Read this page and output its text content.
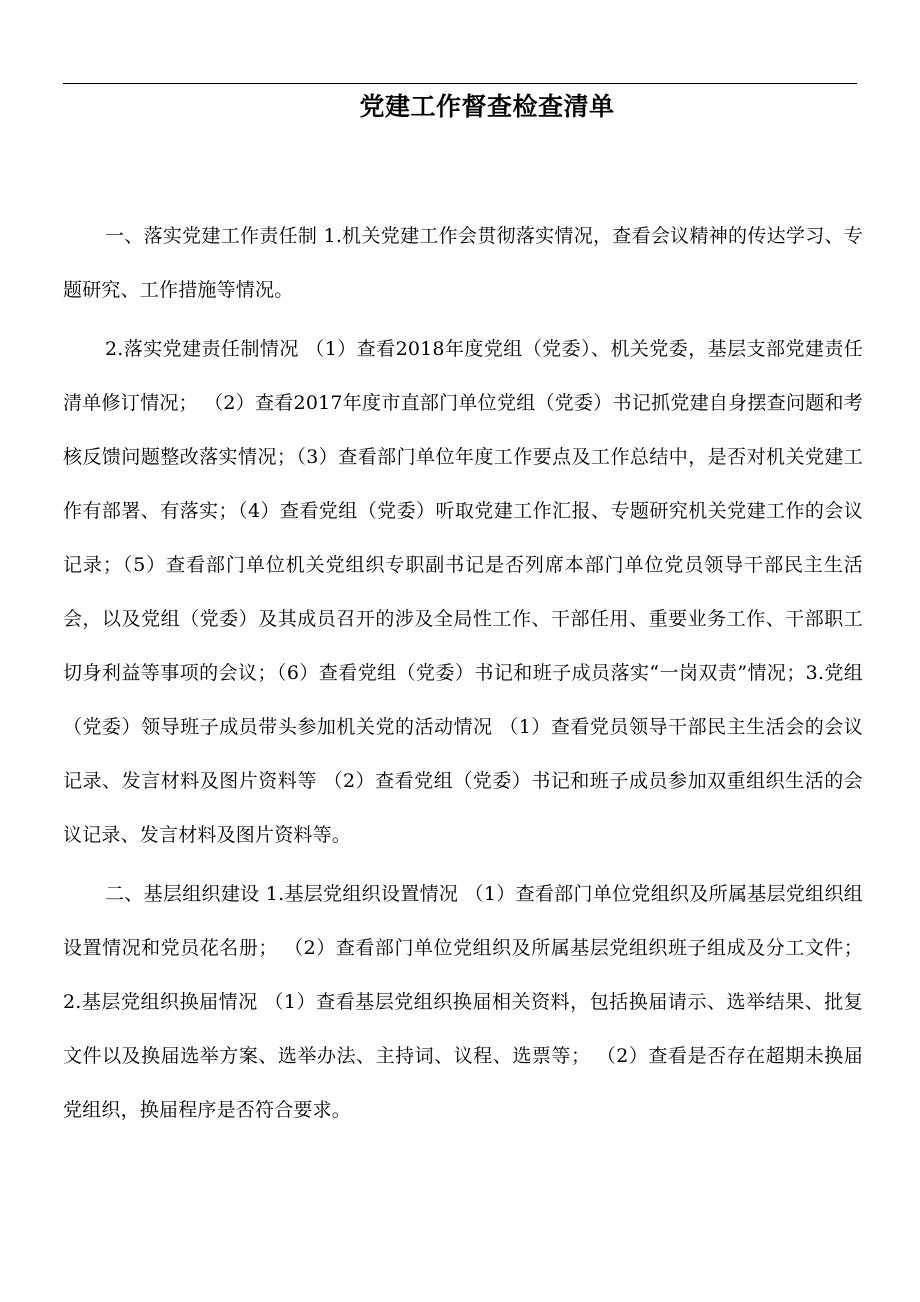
党建工作督查检查清单

一、落实党建工作责任制 1.机关党建工作会贯彻落实情况，查看会议精神的传达学习、专题研究、工作措施等情况。

2.落实党建责任制情况 （1）查看2018年度党组（党委）、机关党委，基层支部党建责任清单修订情况； （2）查看2017年度市直部门单位党组（党委）书记抓党建自身摆查问题和考核反馈问题整改落实情况；（3）查看部门单位年度工作要点及工作总结中，是否对机关党建工作有部署、有落实；（4）查看党组（党委）听取党建工作汇报、专题研究机关党建工作的会议记录；（5）查看部门单位机关党组织专职副书记是否列席本部门单位党员领导干部民主生活会，以及党组（党委）及其成员召开的涉及全局性工作、干部任用、重要业务工作、干部职工切身利益等事项的会议；（6）查看党组（党委）书记和班子成员落实“一岗双责”情况；3.党组（党委）领导班子成员带头参加机关党的活动情况 （1）查看党员领导干部民主生活会的会议记录、发言材料及图片资料等 （2）查看党组（党委）书记和班子成员参加双重组织生活的会议记录、发言材料及图片资料等。

二、基层组织建设 1.基层党组织设置情况 （1）查看部门单位党组织及所属基层党组织组设置情况和党员花名册； （2）查看部门单位党组织及所属基层党组织班子组成及分工文件； 2.基层党组织换届情况 （1）查看基层党组织换届相关资料，包括换届请示、选举结果、批复文件以及换届选举方案、选举办法、主持词、议程、选票等； （2）查看是否存在超期未换届党组织，换届程序是否符合要求。
